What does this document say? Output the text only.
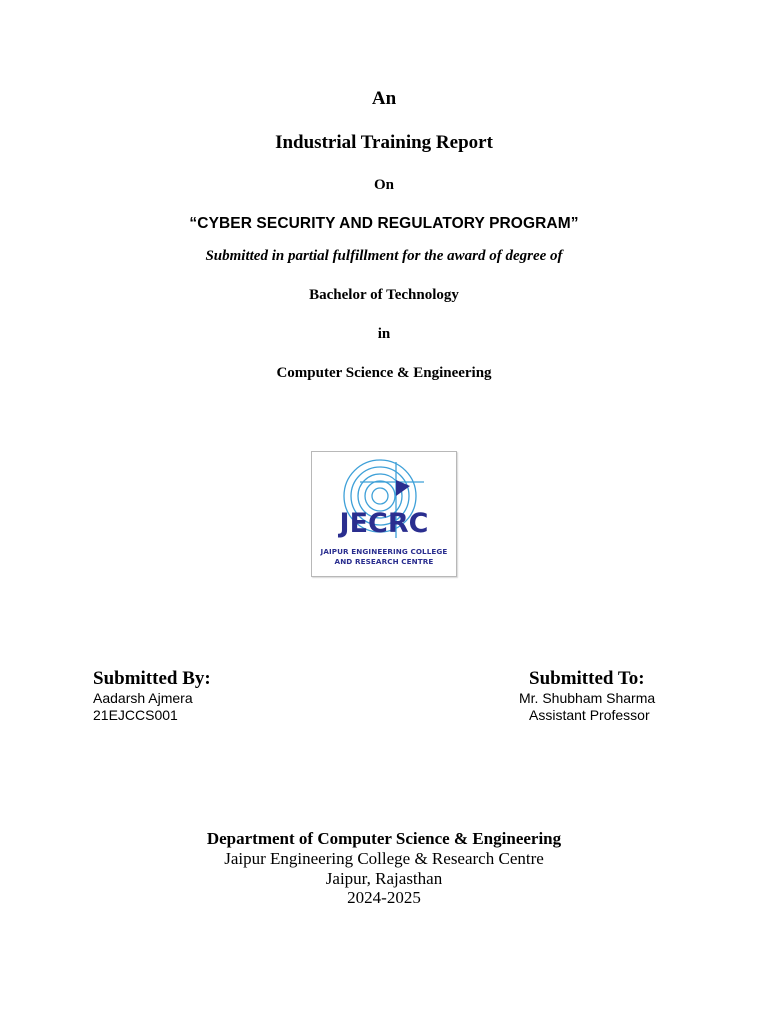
An
Industrial Training Report
On
“CYBER SECURITY AND REGULATORY PROGRAM”
Submitted in partial fulfillment for the award of degree of
Bachelor of Technology
in
Computer Science & Engineering
JECRC
JAIPUR ENGINEERING COLLEGE
AND RESEARCH CENTRE
Submitted By:
Aadarsh Ajmera
21EJCCS001
Submitted To:
Mr. Shubham Sharma
Assistant Professor
Department of Computer Science & Engineering
Jaipur Engineering College & Research Centre
Jaipur, Rajasthan
2024-2025
